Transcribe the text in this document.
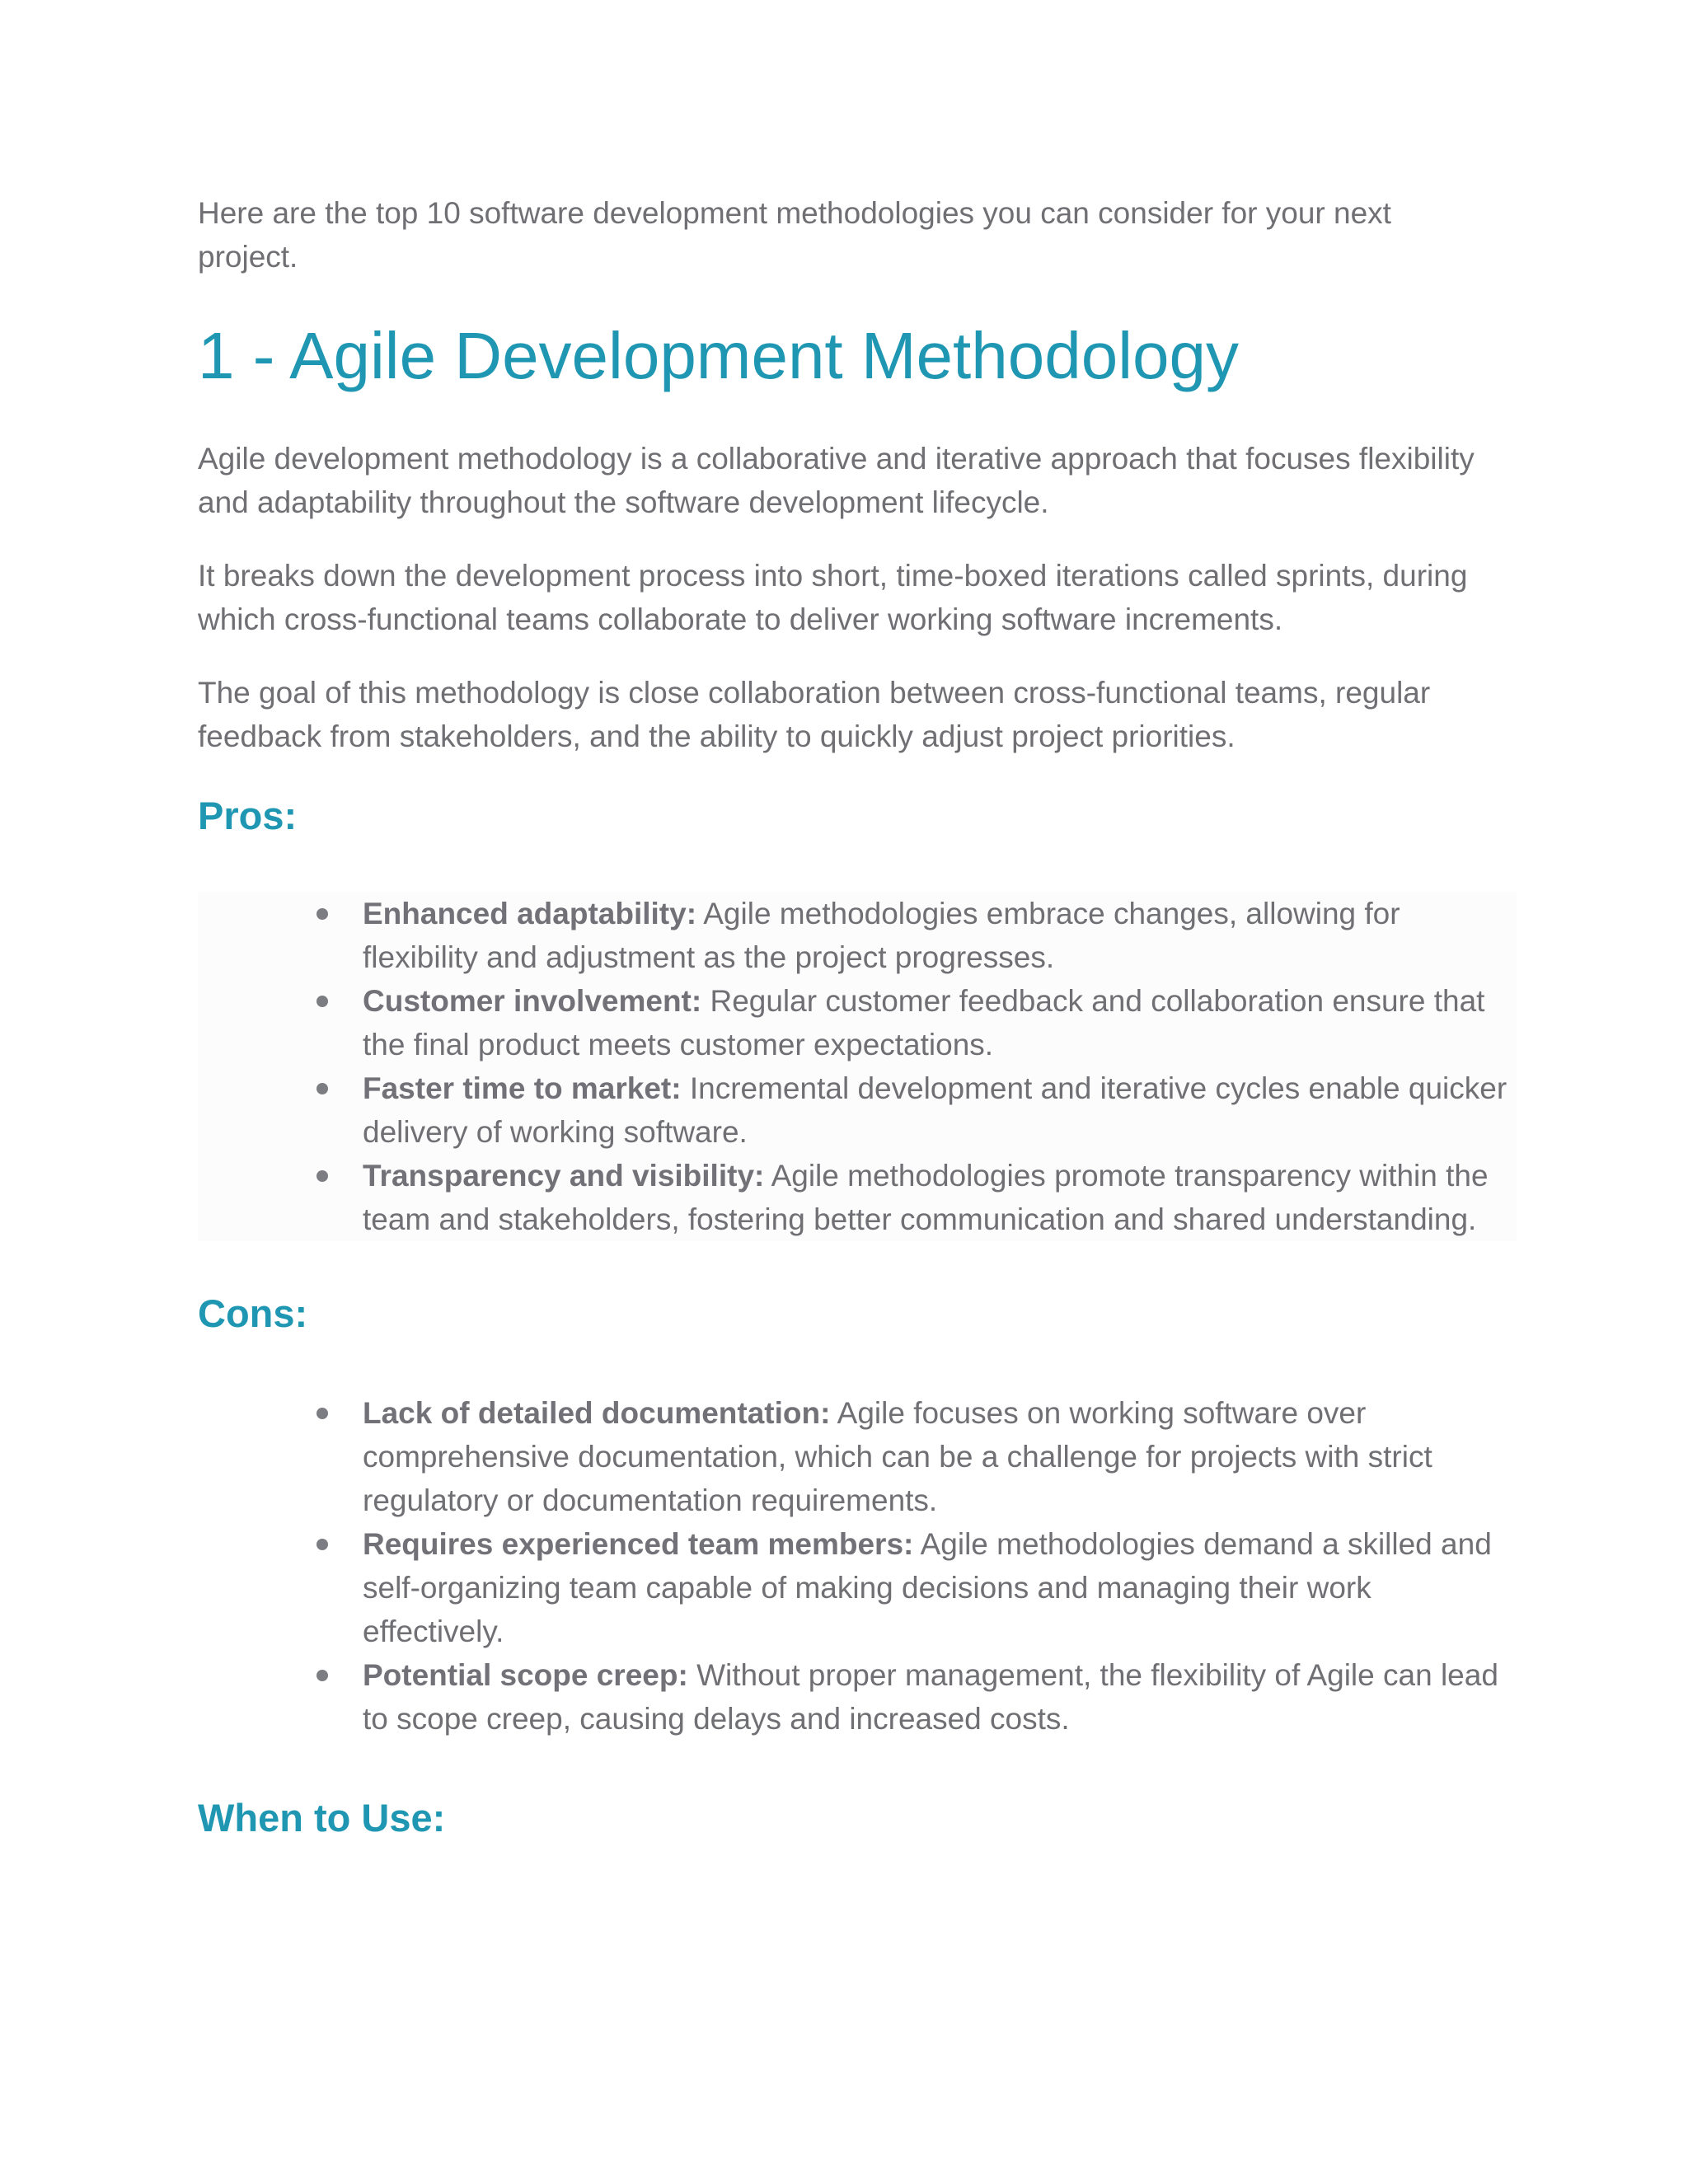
Here are the top 10 software development methodologies you can consider for your next project.

1 - Agile Development Methodology

Agile development methodology is a collaborative and iterative approach that focuses flexibility and adaptability throughout the software development lifecycle.

It breaks down the development process into short, time-boxed iterations called sprints, during which cross-functional teams collaborate to deliver working software increments.

The goal of this methodology is close collaboration between cross-functional teams, regular feedback from stakeholders, and the ability to quickly adjust project priorities.

Pros:
Enhanced adaptability: Agile methodologies embrace changes, allowing for flexibility and adjustment as the project progresses.
Customer involvement: Regular customer feedback and collaboration ensure that the final product meets customer expectations.
Faster time to market: Incremental development and iterative cycles enable quicker delivery of working software.
Transparency and visibility: Agile methodologies promote transparency within the team and stakeholders, fostering better communication and shared understanding.
Cons:
Lack of detailed documentation: Agile focuses on working software over comprehensive documentation, which can be a challenge for projects with strict regulatory or documentation requirements.
Requires experienced team members: Agile methodologies demand a skilled and self-organizing team capable of making decisions and managing their work effectively.
Potential scope creep: Without proper management, the flexibility of Agile can lead to scope creep, causing delays and increased costs.
When to Use:
